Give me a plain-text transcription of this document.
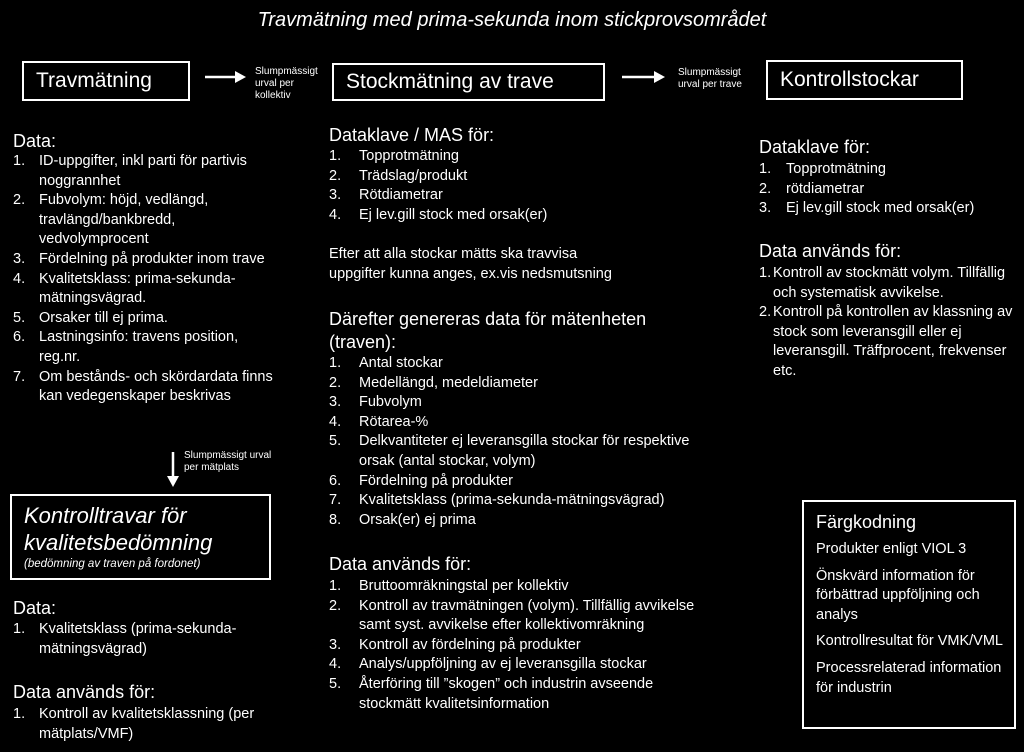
Travmätning med prima-sekunda inom stickprovsområdet
Travmätning	Stockmätning av trave	Kontrollstockar
Slumpmässigt urval per kollektiv
Slumpmässigt urval per trave
Data:
1. ID-uppgifter, inkl parti för partivis noggrannhet
2. Fubvolym: höjd, vedlängd, travlängd/bankbredd, vedvolymprocent
3. Fördelning på produkter inom trave
4. Kvalitetsklass: prima-sekunda-mätningsvägrad.
5. Orsaker till ej prima.
6. Lastningsinfo: travens position, reg.nr.
7. Om bestånds- och skördardata finns kan vedegenskaper beskrivas
Slumpmässigt urval per mätplats
Kontrolltravar för kvalitetsbedömning
(bedömning av traven på fordonet)
Data:
1. Kvalitetsklass (prima-sekunda-mätningsvägrad)
Data används för:
1. Kontroll av kvalitetsklassning (per mätplats/VMF)
Dataklave / MAS för:
1.	Topprotmätning
2.	Trädslag/produkt
3.	Rötdiametrar
4.	Ej lev.gill stock med orsak(er)
Efter att alla stockar mätts ska travvisa uppgifter kunna anges, ex.vis nedsmutsning
Därefter genereras data för mätenheten (traven):
1.	Antal stockar
2.	Medellängd, medeldiameter
3.	Fubvolym
4.	Rötarea-%
5.	Delkvantiteter ej leveransgilla stockar för respektive orsak (antal stockar, volym)
6.	Fördelning på produkter
7.	Kvalitetsklass (prima-sekunda-mätningsvägrad)
8.	Orsak(er) ej prima
Data används för:
1.	Bruttoomräkningstal per kollektiv
2.	Kontroll av travmätningen (volym). Tillfällig avvikelse samt syst. avvikelse efter kollektivomräkning
3.	Kontroll av fördelning på produkter
4.	Analys/uppföljning av ej leveransgilla stockar
5.	Återföring till ”skogen” och industrin avseende stockmätt kvalitetsinformation
Dataklave för:
1.	Topprotmätning
2.	rötdiametrar
3.	Ej lev.gill stock med orsak(er)
Data används för:
1. Kontroll av stockmätt volym. Tillfällig och systematisk avvikelse.
2. Kontroll på kontrollen av klassning av stock som leveransgill eller ej leveransgill. Träffprocent, frekvenser etc.
Färgkodning
Produkter enligt VIOL 3
Önskvärd information för förbättrad uppföljning och analys
Kontrollresultat för VMK/VML
Processrelaterad information för industrin
